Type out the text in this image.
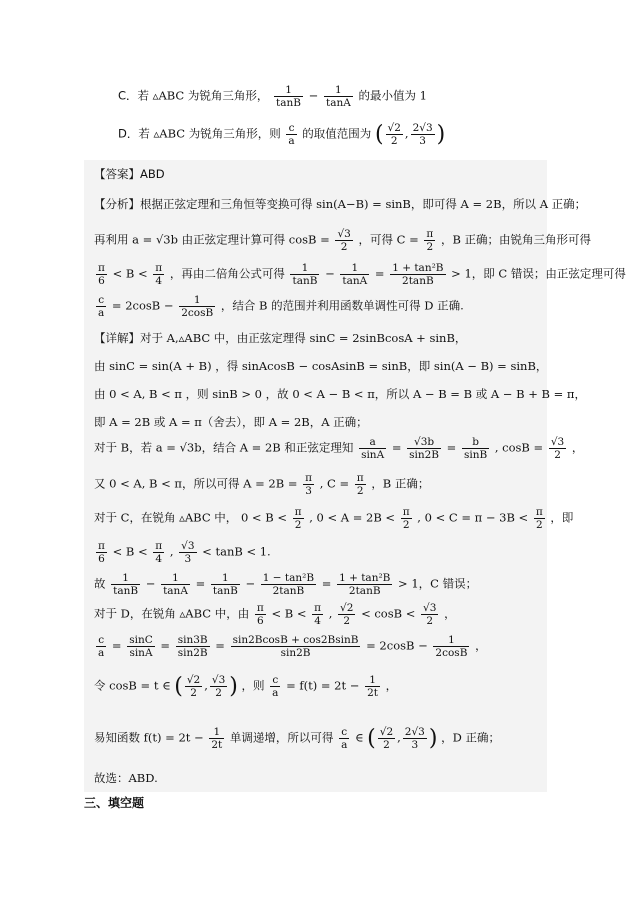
C．若 ▵ABC 为锐角三角形， $\frac{1}{\tan B} - \frac{1}{\tan A}$ 的最小值为 1
D．若 ▵ABC 为锐角三角形，则 $\frac{c}{a}$ 的取值范围为 ( $\frac{√2}{2}$ , $\frac{2√3}{3}$ )
【答案】ABD
【分析】根据正弦定理和三角恒等变换可得 sin(A−B) = sinB，即可得 A = 2B，所以 A 正确；
再利用 a = √3b 由正弦定理计算可得 $\cos B = \frac{√3}{2}$ ，可得 $C = \frac{\pi}{2}$ ，B 正确；由锐角三角形可得
$\frac{\pi}{6} < B < \frac{\pi}{4}$ ，再由二倍角公式可得 $\frac{1}{\tan B} - \frac{1}{\tan A} = \frac{\text{1 + tan²B}}{2\tan B} > 1$，即 C 错误；由正弦定理可得
$\frac{c}{a} = 2\cos B - \frac{1}{2\cos B}$ ，结合 B 的范围并利用函数单调性可得 D 正确.
【详解】对于 A,▵ABC 中，由正弦定理得 sinC = 2sinBcosA + sinB，
由 sinC = sin(A + B) ，得 sinAcosB − cosAsinB = sinB，即 sin(A − B) = sinB，
由 0 < A, B < π ，则 sinB > 0 ，故 0 < A − B < π，所以 A − B = B 或 A − B + B = π，
即 A = 2B 或 A = π（舍去），即 A = 2B，A 正确；
对于 B，若 a = √3b，结合 A = 2B 和正弦定理知 $\frac{a}{\sin A} = \frac{√3b}{\sin 2B} = \frac{b}{\sin B}$ , $\cos B = \frac{√3}{2}$ ，
又 0 < A, B < π，所以可得 $A = 2B = \frac{\pi}{3}$ , $C = \frac{\pi}{2}$ ，B 正确；
对于 C，在锐角 ▵ABC 中， $0 < B < \frac{\pi}{2}$ , $0 < A = 2B < \frac{\pi}{2}$ , $0 < C = \pi - 3B < \frac{\pi}{2}$ ，即
$\frac{\pi}{6} < B < \frac{\pi}{4}$ , $\frac{√3}{3} < \tan B < 1$.
故 $\frac{1}{\tan B} - \frac{1}{\tan A} = \frac{1}{\tan B} - \frac{\text{1 − tan²B}}{2\tan B} = \frac{\text{1 + tan²B}}{2\tan B} > 1$，C 错误；
对于 D，在锐角 ▵ABC 中，由 $\frac{\pi}{6} < B < \frac{\pi}{4}$ , $\frac{√2}{2} < \cos B < \frac{√3}{2}$ ，
$\frac{c}{a} = \frac{\sin C}{\sin A} = \frac{\sin 3B}{\sin 2B} = \frac{\sin 2BcosB + \cos 2BsinB}{\sin 2B} = 2\cos B - \frac{1}{2\cos B}$ ，
令 cosB = t ∈ ( $\frac{√2}{2}$ , $\frac{√3}{2}$ ) ，则 $\frac{c}{a} = f(t) = 2t - \frac{1}{2t}$ ，
易知函数 $f(t) = 2t - \frac{1}{2t}$ 单调递增，所以可得 $\frac{c}{a}$ ∈ ( $\frac{√2}{2}$ , $\frac{2√3}{3}$ ) ，D 正确；
故选：ABD.
三、填空题
